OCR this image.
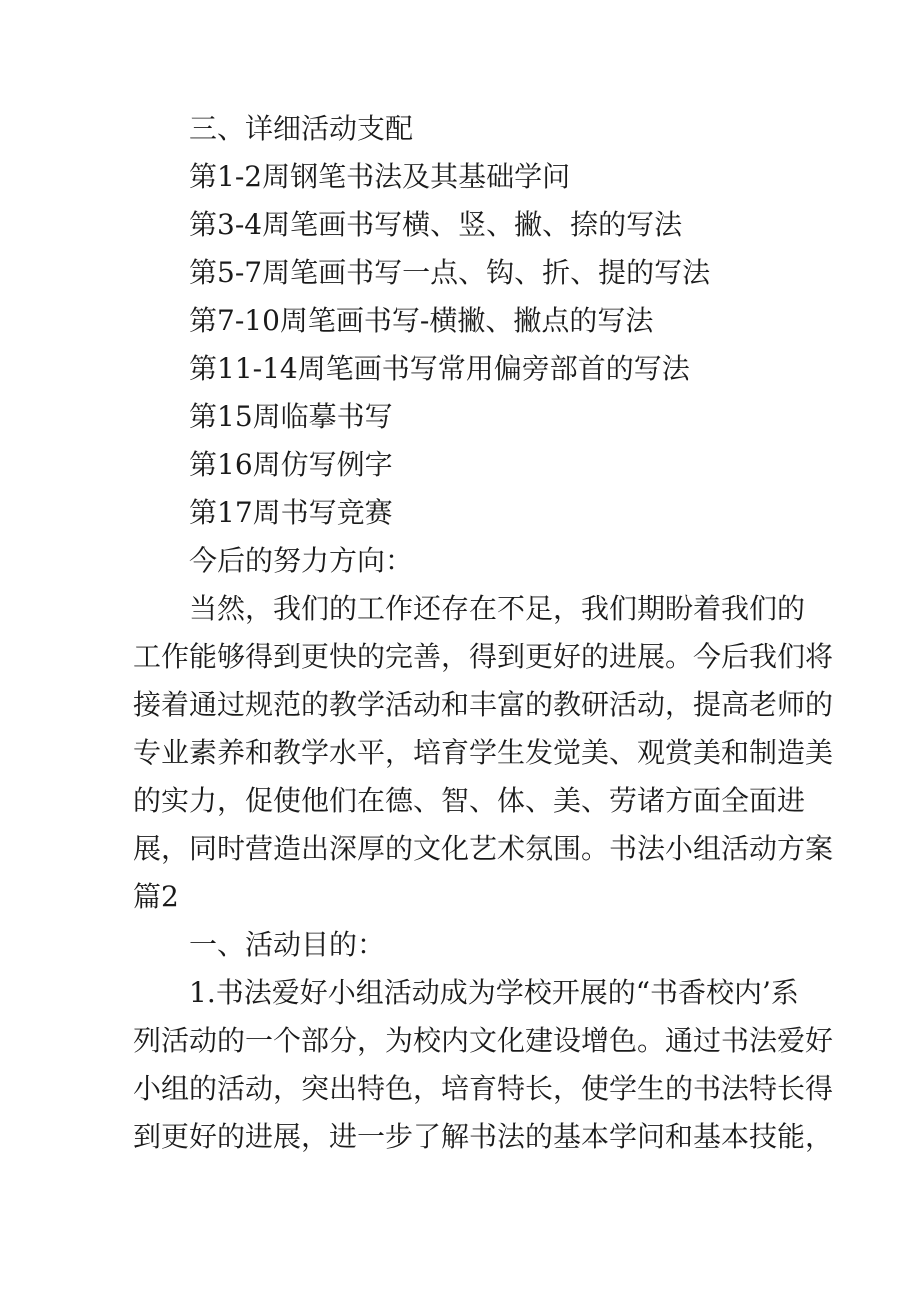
三、详细活动支配
第1-2周钢笔书法及其基础学问
第3-4周笔画书写横、竖、撇、捺的写法
第5-7周笔画书写一点、钩、折、提的写法
第7-10周笔画书写-横撇、撇点的写法
第11-14周笔画书写常用偏旁部首的写法
第15周临摹书写
第16周仿写例字
第17周书写竞赛
今后的努力方向：
当然，我们的工作还存在不足，我们期盼着我们的
工作能够得到更快的完善，得到更好的进展。今后我们将
接着通过规范的教学活动和丰富的教研活动，提高老师的
专业素养和教学水平，培育学生发觉美、观赏美和制造美
的实力，促使他们在德、智、体、美、劳诸方面全面进
展，同时营造出深厚的文化艺术氛围。书法小组活动方案
篇2
一、活动目的：
1.书法爱好小组活动成为学校开展的“书香校内’系
列活动的一个部分，为校内文化建设增色。通过书法爱好
小组的活动，突出特色，培育特长，使学生的书法特长得
到更好的进展，进一步了解书法的基本学问和基本技能，
